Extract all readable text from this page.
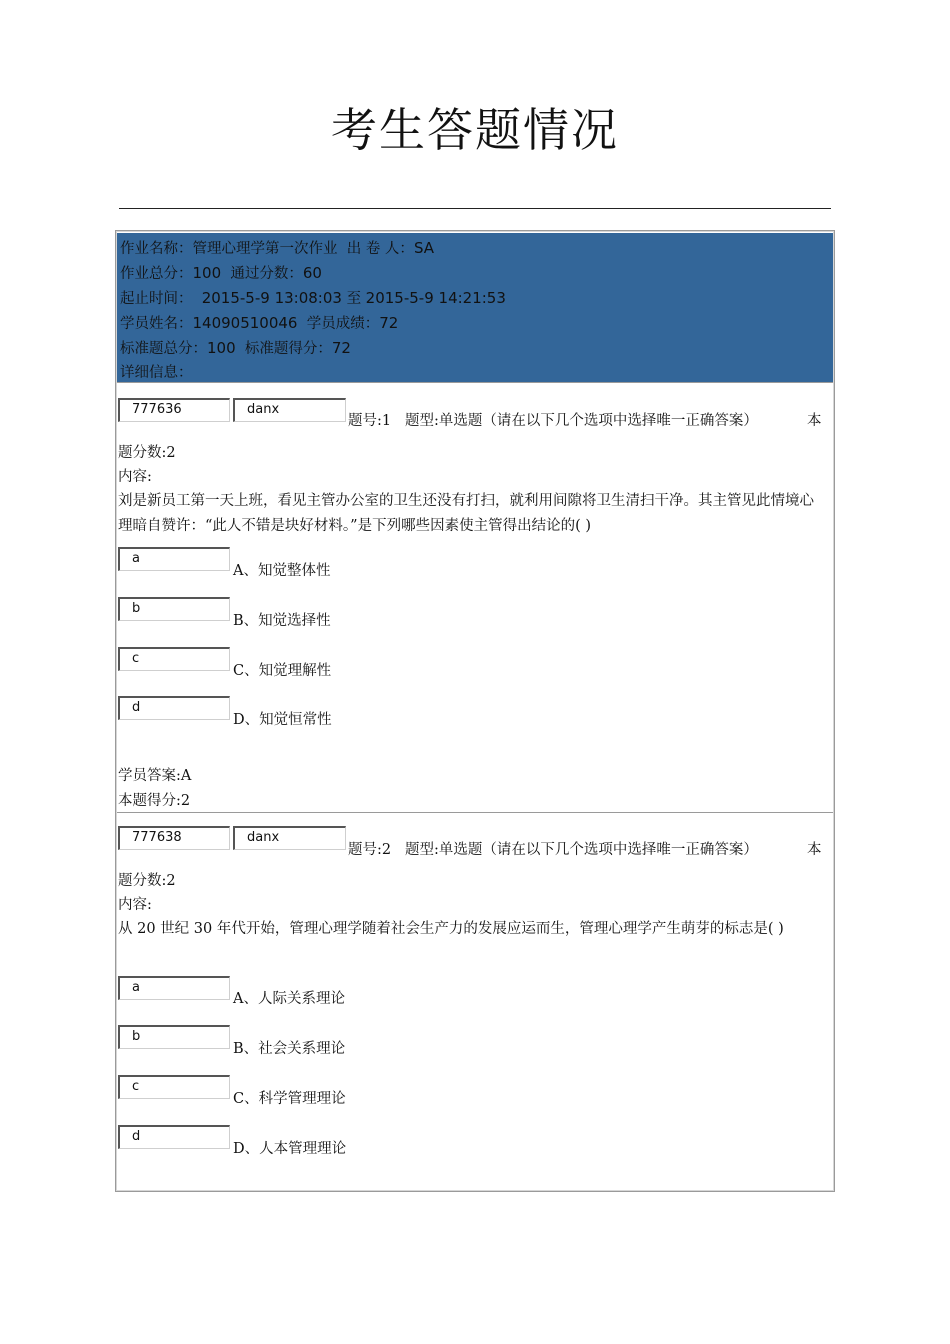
考生答题情况
作业名称：管理心理学第一次作业 出 卷 人：SA
作业总分：100 通过分数：60
起止时间： 2015-5-9 13:08:03 至 2015-5-9 14:21:53
学员姓名：14090510046 学员成绩：72
标准题总分：100 标准题得分：72
详细信息：
777636	danx
题号:1 题型:单选题（请在以下几个选项中选择唯一正确答案）	本
题分数:2
内容:
刘是新员工第一天上班，看见主管办公室的卫生还没有打扫，就利用间隙将卫生清扫干净。其主管见此情境心理暗自赞许：“此人不错是块好材料。”是下列哪些因素使主管得出结论的( )
a
A、知觉整体性
b
B、知觉选择性
c
C、知觉理解性
d
D、知觉恒常性
学员答案:A
本题得分:2
777638	danx
题号:2 题型:单选题（请在以下几个选项中选择唯一正确答案）	本
题分数:2
内容:
从 20 世纪 30 年代开始，管理心理学随着社会生产力的发展应运而生，管理心理学产生萌芽的标志是( )
a
A、人际关系理论
b
B、社会关系理论
c
C、科学管理理论
d
D、人本管理理论
